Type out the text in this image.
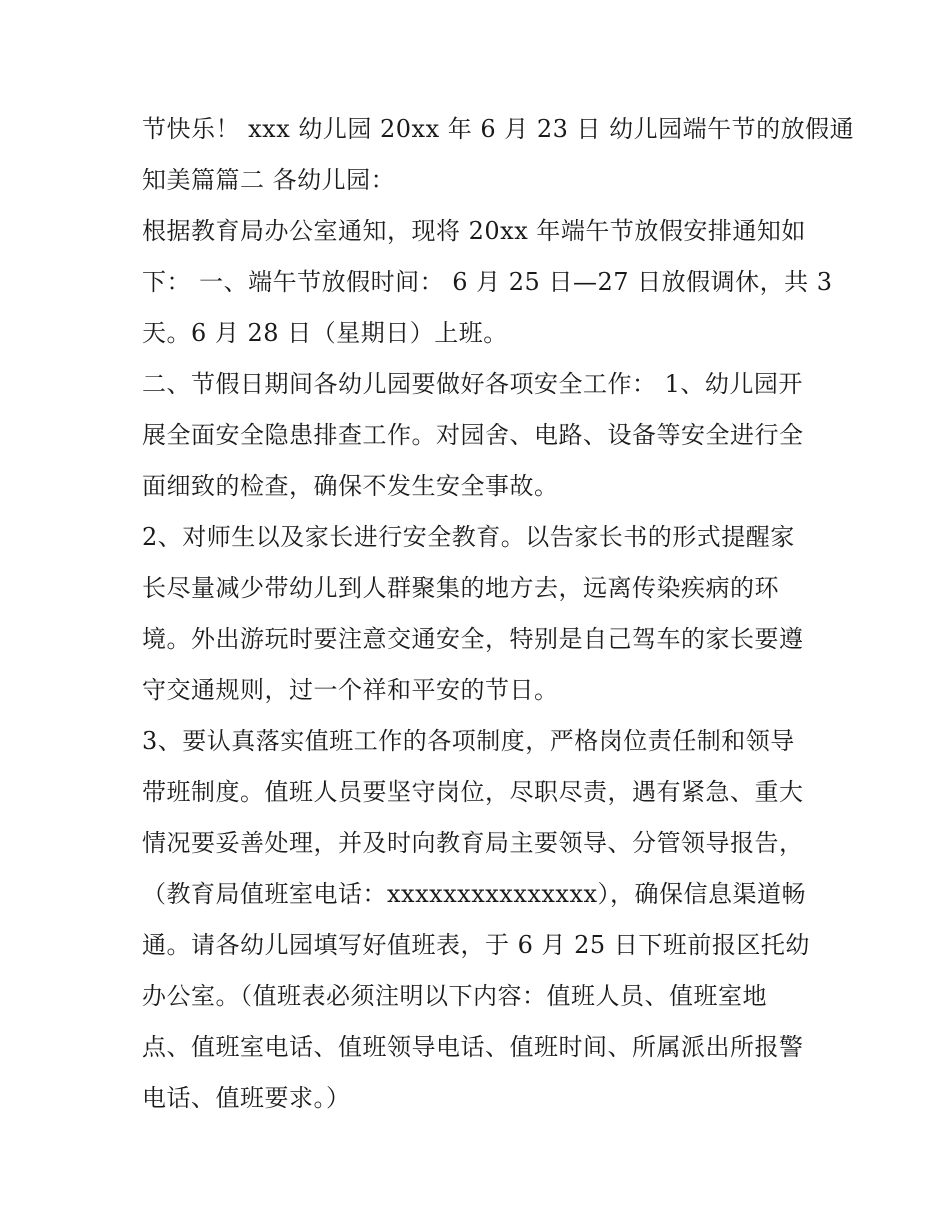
节快乐！ xxx 幼儿园 20xx 年 6 月 23 日 幼儿园端午节的放假通
知美篇篇二 各幼儿园：
根据教育局办公室通知，现将 20xx 年端午节放假安排通知如
下： 一、端午节放假时间： 6 月 25 日—27 日放假调休，共 3
天。6 月 28 日（星期日）上班。
二、节假日期间各幼儿园要做好各项安全工作： 1、幼儿园开
展全面安全隐患排查工作。对园舍、电路、设备等安全进行全
面细致的检查，确保不发生安全事故。
2、对师生以及家长进行安全教育。以告家长书的形式提醒家
长尽量减少带幼儿到人群聚集的地方去，远离传染疾病的环
境。外出游玩时要注意交通安全，特别是自己驾车的家长要遵
守交通规则，过一个祥和平安的节日。
3、要认真落实值班工作的各项制度，严格岗位责任制和领导
带班制度。值班人员要坚守岗位，尽职尽责，遇有紧急、重大
情况要妥善处理，并及时向教育局主要领导、分管领导报告，
（教育局值班室电话：xxxxxxxxxxxxxxx），确保信息渠道畅
通。请各幼儿园填写好值班表，于 6 月 25 日下班前报区托幼
办公室。（值班表必须注明以下内容：值班人员、值班室地
点、值班室电话、值班领导电话、值班时间、所属派出所报警
电话、值班要求。）
